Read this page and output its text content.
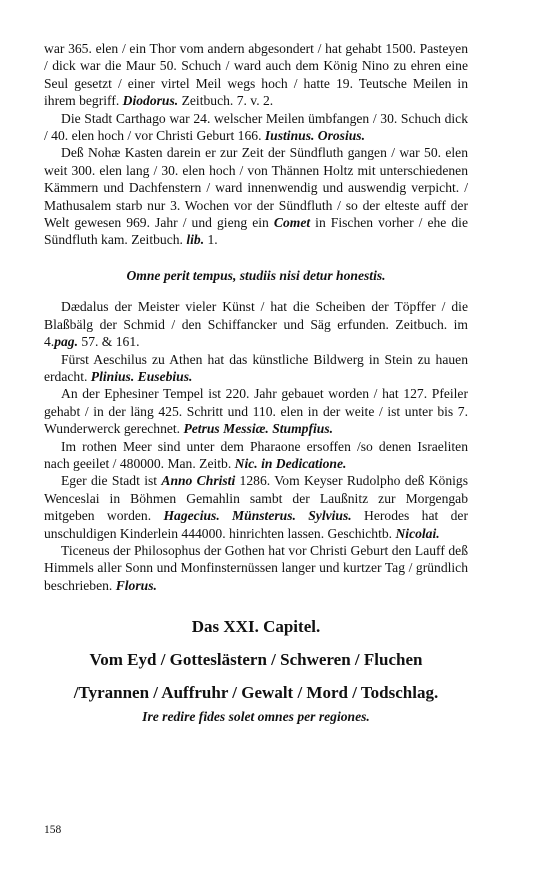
war 365. elen / ein Thor vom andern abgesondert / hat gehabt 1500. Pasteyen / dick war die Maur 50. Schuch / ward auch dem König Nino zu ehren eine Seul gesetzt / einer virtel Meil wegs hoch / hatte 19. Teutsche Meilen in ihrem begriff. Diodorus. Zeitbuch. 7. v. 2.

Die Stadt Carthago war 24. welscher Meilen ümbfangen / 30. Schuch dick / 40. elen hoch / vor Christi Geburt 166. Iustinus. Orosius.

Deß Nohæ Kasten darein er zur Zeit der Sündfluth gangen / war 50. elen weit 300. elen lang / 30. elen hoch / von Thännen Holtz mit unterschiedenen Kämmern und Dachfenstern / ward innenwendig und auswendig verpicht. / Mathusalem starb nur 3. Wochen vor der Sündfluth / so der elteste auff der Welt gewesen 969. Jahr / und gieng ein Comet in Fischen vorher / ehe die Sündfluth kam. Zeitbuch. lib. 1.

Omne perit tempus, studiis nisi detur honestis.

Dædalus der Meister vieler Künst / hat die Scheiben der Töpffer / die Blaßbälg der Schmid / den Schiffancker und Säg erfunden. Zeitbuch. im 4.pag. 57. & 161.

Fürst Aeschilus zu Athen hat das künstliche Bildwerg in Stein zu hauen erdacht. Plinius. Eusebius.

An der Ephesiner Tempel ist 220. Jahr gebauet worden / hat 127. Pfeiler gehabt / in der läng 425. Schritt und 110. elen in der weite / ist unter bis 7. Wunderwerck gerechnet. Petrus Messiæ. Stumpfius.

Im rothen Meer sind unter dem Pharaone ersoffen /so denen Israeliten nach geeilet / 480000. Man. Zeitb. Nic. in Dedicatione.

Eger die Stadt ist Anno Christi 1286. Vom Keyser Rudolpho deß Königs Wenceslai in Böhmen Gemahlin sambt der Laußnitz zur Morgengab mitgeben worden. Hagecius. Münsterus. Sylvius. Herodes hat der unschuldigen Kinderlein 444000. hinrichten lassen. Geschichtb. Nicolai.

Ticeneus der Philosophus der Gothen hat vor Christi Geburt den Lauff deß Himmels aller Sonn und Monfinsternüssen langer und kurtzer Tag / gründlich beschrieben. Florus.

Das XXI. Capitel.

Vom Eyd / Gotteslästern / Schweren / Fluchen

/Tyrannen / Auffruhr / Gewalt / Mord / Todschlag.

Ire redire fides solet omnes per regiones.

158
